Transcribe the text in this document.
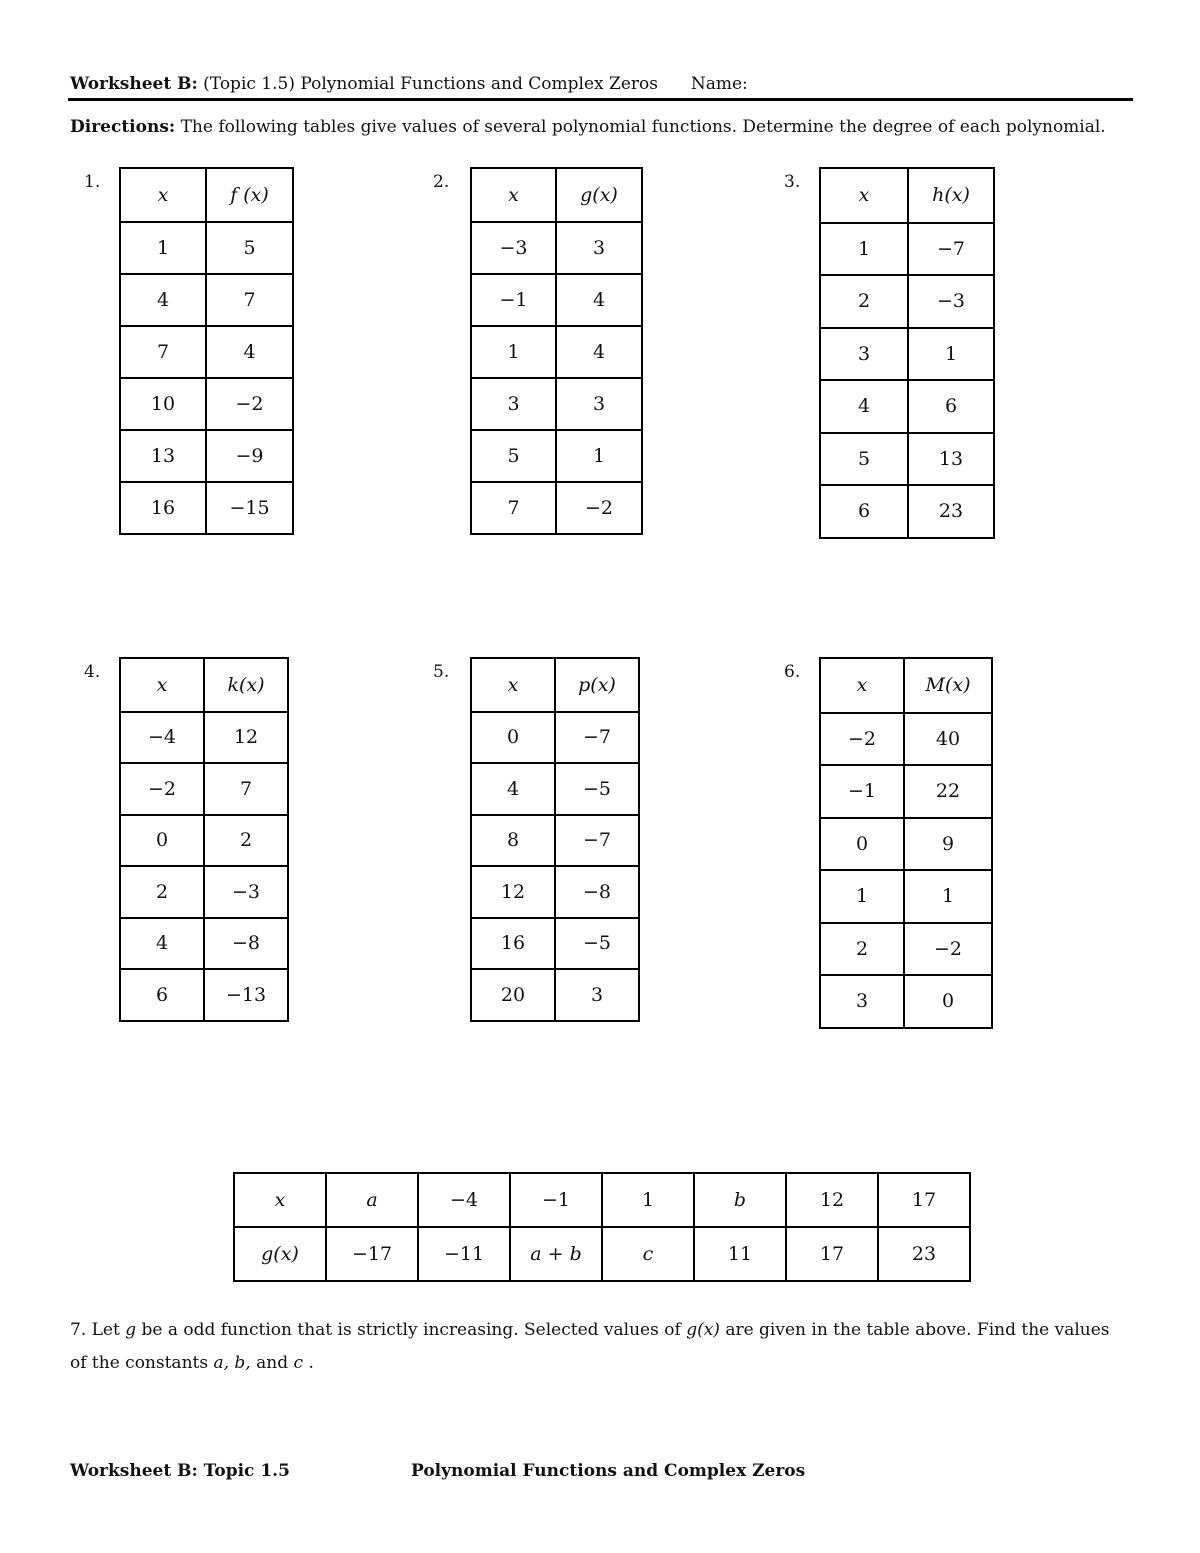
Worksheet B: (Topic 1.5) Polynomial Functions and Complex Zeros Name:
Directions: The following tables give values of several polynomial functions. Determine the degree of each polynomial.
1.
x	f (x)
1	5
4	7
7	4
10	−2
13	−9
16	−15
2.
x	g(x)
−3	3
−1	4
1	4
3	3
5	1
7	−2
3.
x	h(x)
1	−7
2	−3
3	1
4	6
5	13
6	23
4.
x	k(x)
−4	12
−2	7
0	2
2	−3
4	−8
6	−13
5.
x	p(x)
0	−7
4	−5
8	−7
12	−8
16	−5
20	3
6.
x	M(x)
−2	40
−1	22
0	9
1	1
2	−2
3	0
x	a	−4	−1	1	b	12	17
g(x)	−17	−11	a + b	c	11	17	23
7. Let g be a odd function that is strictly increasing. Selected values of g(x) are given in the table above. Find the values of the constants a, b, and c .
Worksheet B: Topic 1.5	Polynomial Functions and Complex Zeros
